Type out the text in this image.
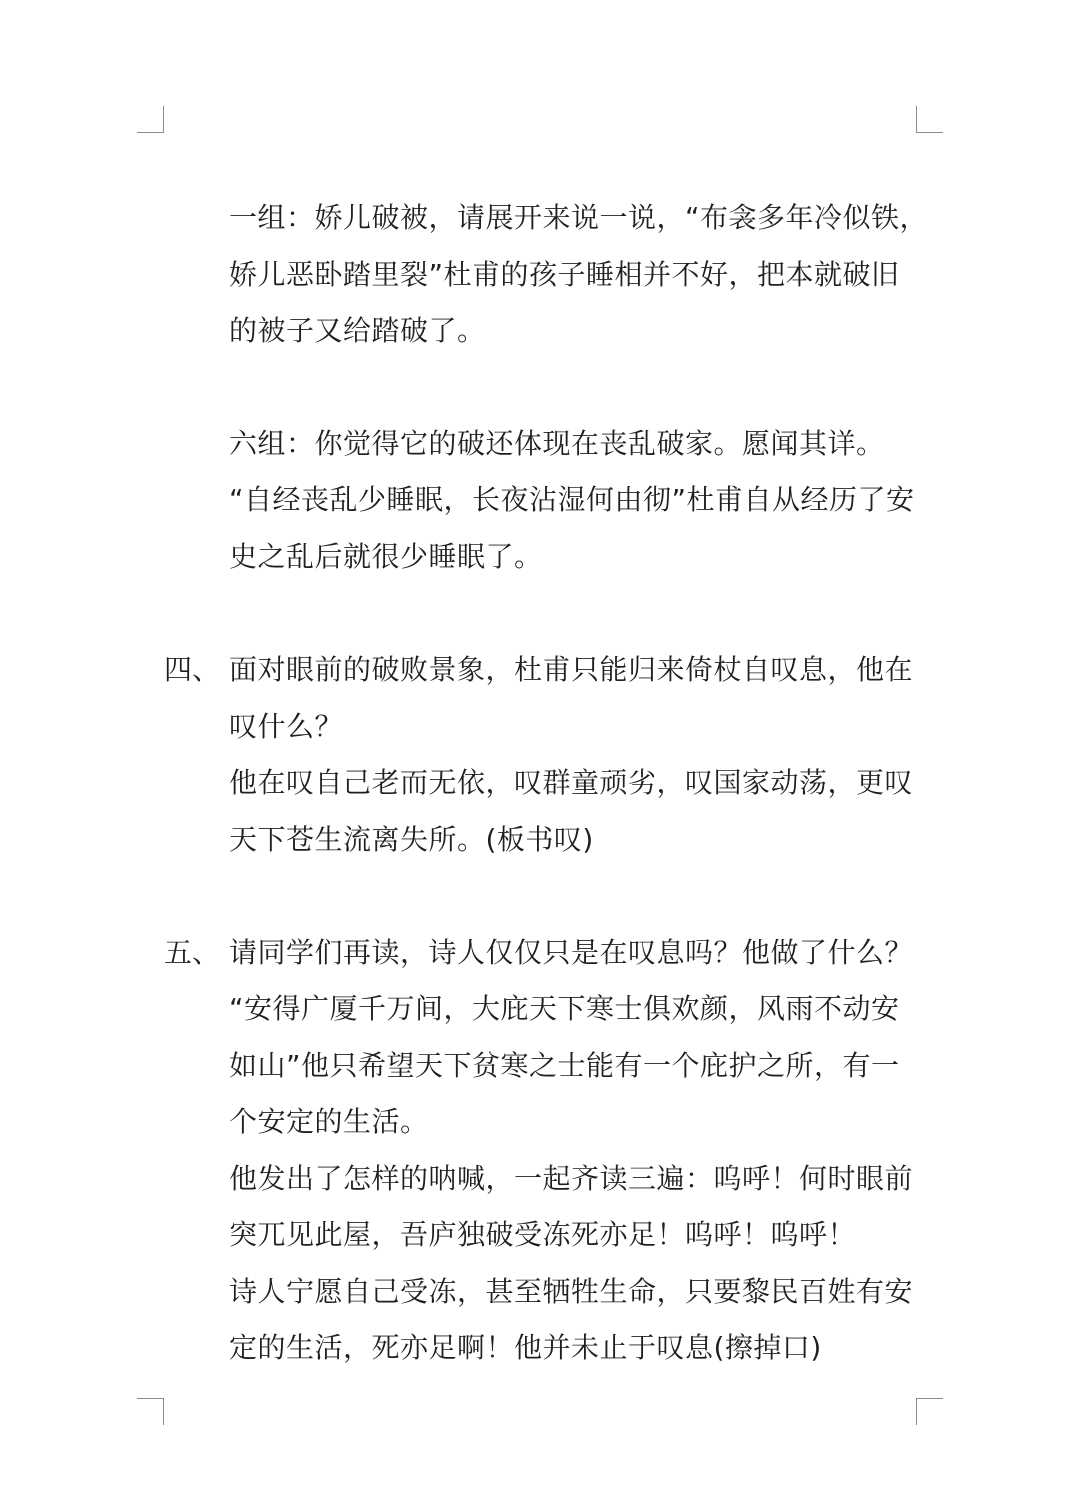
一组：娇儿破被，请展开来说一说，“布衾多年冷似铁，
娇儿恶卧踏里裂”杜甫的孩子睡相并不好，把本就破旧
的被子又给踏破了。
六组：你觉得它的破还体现在丧乱破家。愿闻其详。
“自经丧乱少睡眠，长夜沾湿何由彻”杜甫自从经历了安
史之乱后就很少睡眠了。
四、 面对眼前的破败景象，杜甫只能归来倚杖自叹息，他在
叹什么？
他在叹自己老而无依，叹群童顽劣，叹国家动荡，更叹
天下苍生流离失所。(板书叹)
五、 请同学们再读，诗人仅仅只是在叹息吗？他做了什么？
“安得广厦千万间，大庇天下寒士俱欢颜，风雨不动安
如山”他只希望天下贫寒之士能有一个庇护之所，有一
个安定的生活。
他发出了怎样的呐喊，一起齐读三遍：呜呼！何时眼前
突兀见此屋，吾庐独破受冻死亦足！呜呼！呜呼！
诗人宁愿自己受冻，甚至牺牲生命，只要黎民百姓有安
定的生活，死亦足啊！他并未止于叹息(擦掉口)
